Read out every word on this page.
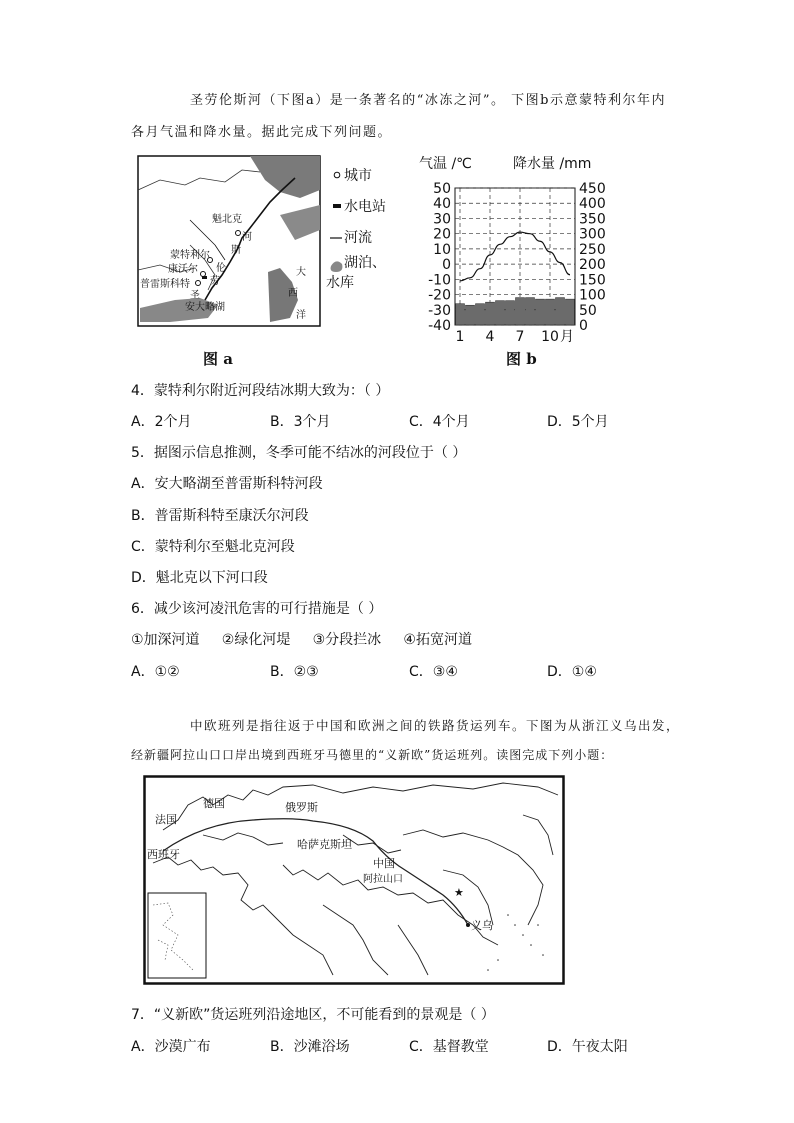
圣劳伦斯河（下图a）是一条著名的“冰冻之河”。 下图b示意蒙特利尔年内
各月气温和降水量。据此完成下列问题。
魁北克
河
斯
蒙特利尔
伦
康沃尔
劳
普雷斯科特
圣
安大略湖
大
西
洋
城市
水电站
河流
湖泊、
水库
图 a
气温 /℃	降水量 /mm
50
40
30
20
10
0
-10
-20
-30
-40
450
400
350
300
250
200
150
100
50
0
1 4 7 10 月
图 b
4．蒙特利尔附近河段结冰期大致为：（ ）
A．2个月	B．3个月	C．4个月	D．5个月
5．据图示信息推测，冬季可能不结冰的河段位于（ ）
A．安大略湖至普雷斯科特河段
B．普雷斯科特至康沃尔河段
C．蒙特利尔至魁北克河段
D．魁北克以下河口段
6．减少该河凌汛危害的可行措施是（ ）
①加深河道     ②绿化河堤     ③分段拦冰     ④拓宽河道
A．①②	B．②③	C．③④	D．①④
中欧班列是指往返于中国和欧洲之间的铁路货运列车。下图为从浙江义乌出发，
经新疆阿拉山口口岸出境到西班牙马德里的“义新欧”货运班列。读图完成下列小题：
★
德国	俄罗斯
法国
西班牙
哈萨克斯坦
中国
阿拉山口
义乌
7．“义新欧”货运班列沿途地区，不可能看到的景观是（ ）
A．沙漠广布	B．沙滩浴场	C．基督教堂	D．午夜太阳
